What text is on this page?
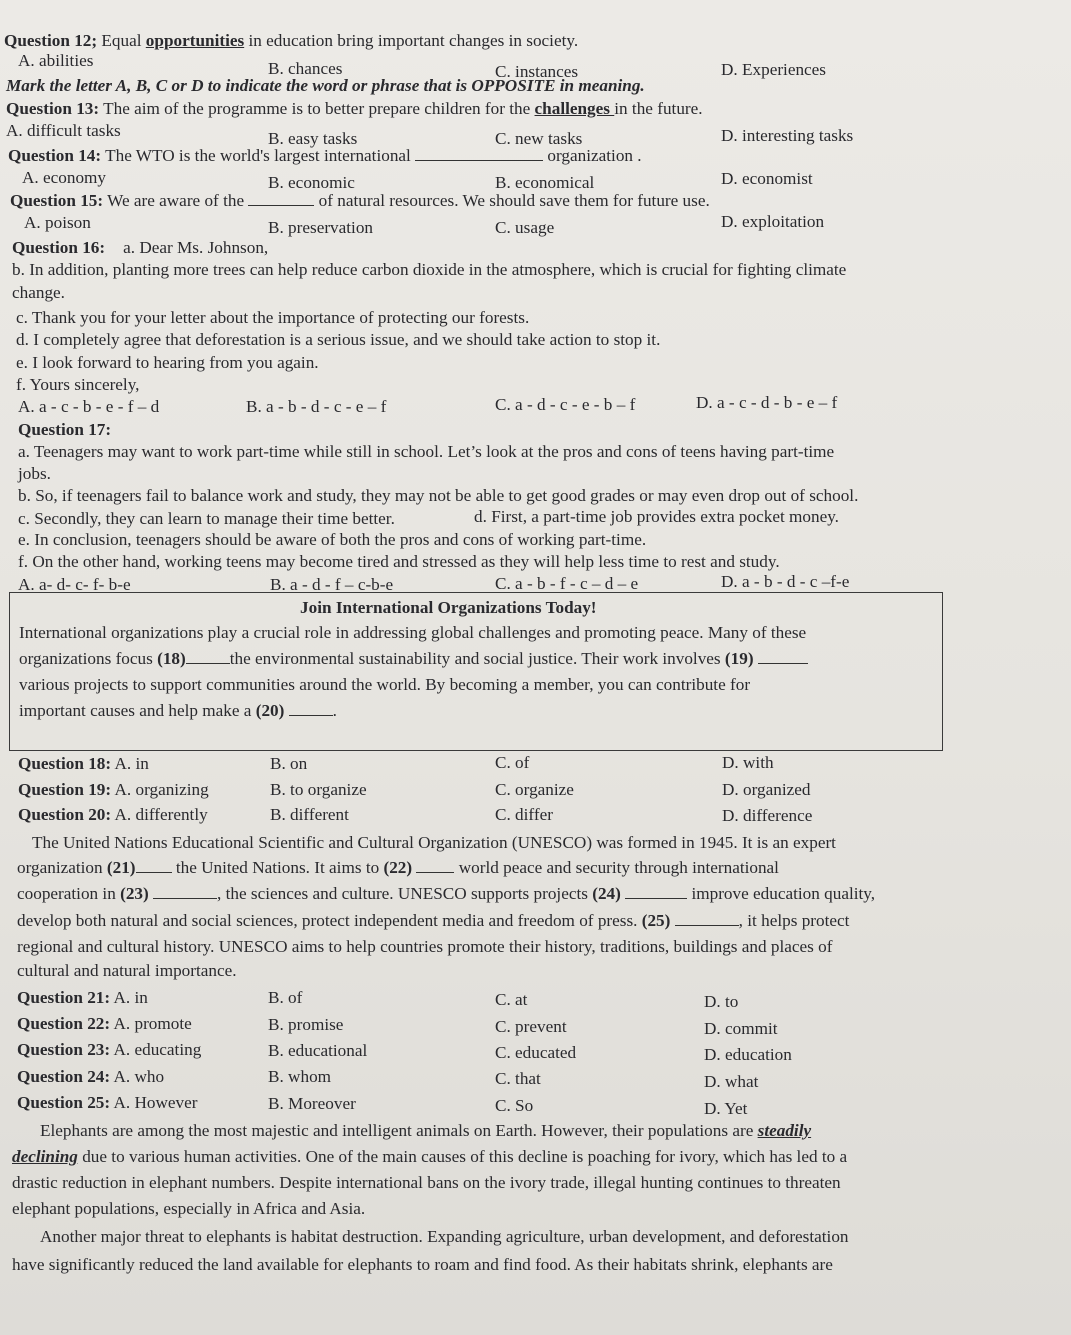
Question 12; Equal opportunities in education bring important changes in society.
A. abilities	B. chances	C. instances	D. Experiences
Mark the letter A, B, C or D to indicate the word or phrase that is OPPOSITE in meaning.
Question 13: The aim of the programme is to better prepare children for the challenges in the future.
A. difficult tasks	B. easy tasks	C. new tasks	D. interesting tasks
Question 14: The WTO is the world's largest international	organization .
A. economy	B. economic	B. economical	D. economist
Question 15: We are aware of the	of natural resources. We should save them for future use.
A. poison	B. preservation	C. usage	D. exploitation
Question 16: a. Dear Ms. Johnson,
b. In addition, planting more trees can help reduce carbon dioxide in the atmosphere, which is crucial for fighting climate
change.
c. Thank you for your letter about the importance of protecting our forests.
d. I completely agree that deforestation is a serious issue, and we should take action to stop it.
e. I look forward to hearing from you again.
f. Yours sincerely,
A. a - c - b - e - f – d	B. a - b - d - c - e – f	C. a - d - c - e - b – f	D. a - c - d - b - e – f
Question 17:
a. Teenagers may want to work part-time while still in school. Let’s look at the pros and cons of teens having part-time
jobs.
b. So, if teenagers fail to balance work and study, they may not be able to get good grades or may even drop out of school.
c. Secondly, they can learn to manage their time better.	d. First, a part-time job provides extra pocket money.
e. In conclusion, teenagers should be aware of both the pros and cons of working part-time.
f. On the other hand, working teens may become tired and stressed as they will help less time to rest and study.
A. a- d- c- f- b-e	B. a - d - f – c-b-e	C. a - b - f - c – d – e	D. a - b - d - c –f-e
Join International Organizations Today!
International organizations play a crucial role in addressing global challenges and promoting peace. Many of these
organizations focus (18)	the environmental sustainability and social justice. Their work involves (19)
various projects to support communities around the world. By becoming a member, you can contribute for
important causes and help make a (20)	.
Question 18: A. in	B. on	C. of	D. with
Question 19: A. organizing	B. to organize	C. organize	D. organized
Question 20: A. differently	B. different	C. differ	D. difference
The United Nations Educational Scientific and Cultural Organization (UNESCO) was formed in 1945. It is an expert
organization (21) the United Nations. It aims to (22)  world peace and security through international
cooperation in (23)	, the sciences and culture. UNESCO supports projects (24)	improve education quality,
develop both natural and social sciences, protect independent media and freedom of press. (25)	, it helps protect
regional and cultural history. UNESCO aims to help countries promote their history, traditions, buildings and places of
cultural and natural importance.
Question 21: A. in	B. of	C. at	D. to
Question 22: A. promote	B. promise	C. prevent	D. commit
Question 23: A. educating	B. educational	C. educated	D. education
Question 24: A. who	B. whom	C. that	D. what
Question 25: A. However	B. Moreover	C. So	D. Yet
Elephants are among the most majestic and intelligent animals on Earth. However, their populations are steadily
declining due to various human activities. One of the main causes of this decline is poaching for ivory, which has led to a
drastic reduction in elephant numbers. Despite international bans on the ivory trade, illegal hunting continues to threaten
elephant populations, especially in Africa and Asia.
Another major threat to elephants is habitat destruction. Expanding agriculture, urban development, and deforestation
have significantly reduced the land available for elephants to roam and find food. As their habitats shrink, elephants are
